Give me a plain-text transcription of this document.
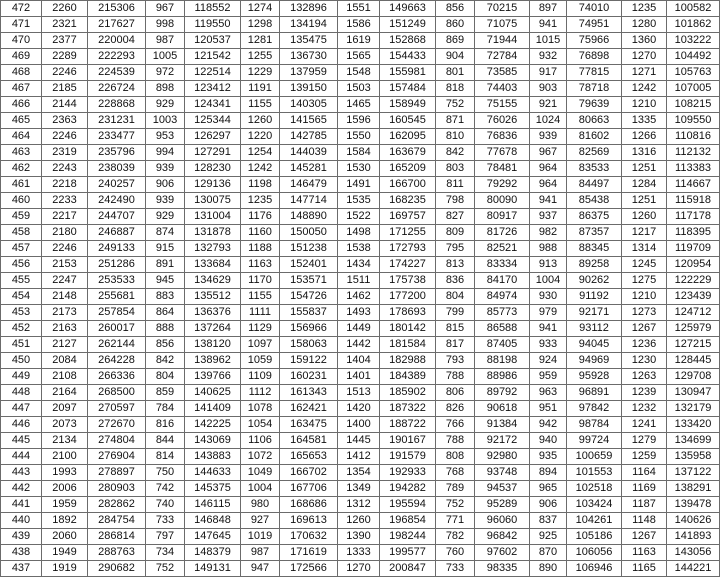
472	2260	215306	967	118552	1274	132896	1551	149663	856	70215	897	74010	1235	100582
471	2321	217627	998	119550	1298	134194	1586	151249	860	71075	941	74951	1280	101862
470	2377	220004	987	120537	1281	135475	1619	152868	869	71944	1015	75966	1360	103222
469	2289	222293	1005	121542	1255	136730	1565	154433	904	72784	932	76898	1270	104492
468	2246	224539	972	122514	1229	137959	1548	155981	801	73585	917	77815	1271	105763
467	2185	226724	898	123412	1191	139150	1503	157484	818	74403	903	78718	1242	107005
466	2144	228868	929	124341	1155	140305	1465	158949	752	75155	921	79639	1210	108215
465	2363	231231	1003	125344	1260	141565	1596	160545	871	76026	1024	80663	1335	109550
464	2246	233477	953	126297	1220	142785	1550	162095	810	76836	939	81602	1266	110816
463	2319	235796	994	127291	1254	144039	1584	163679	842	77678	967	82569	1316	112132
462	2243	238039	939	128230	1242	145281	1530	165209	803	78481	964	83533	1251	113383
461	2218	240257	906	129136	1198	146479	1491	166700	811	79292	964	84497	1284	114667
460	2233	242490	939	130075	1235	147714	1535	168235	798	80090	941	85438	1251	115918
459	2217	244707	929	131004	1176	148890	1522	169757	827	80917	937	86375	1260	117178
458	2180	246887	874	131878	1160	150050	1498	171255	809	81726	982	87357	1217	118395
457	2246	249133	915	132793	1188	151238	1538	172793	795	82521	988	88345	1314	119709
456	2153	251286	891	133684	1163	152401	1434	174227	813	83334	913	89258	1245	120954
455	2247	253533	945	134629	1170	153571	1511	175738	836	84170	1004	90262	1275	122229
454	2148	255681	883	135512	1155	154726	1462	177200	804	84974	930	91192	1210	123439
453	2173	257854	864	136376	1111	155837	1493	178693	799	85773	979	92171	1273	124712
452	2163	260017	888	137264	1129	156966	1449	180142	815	86588	941	93112	1267	125979
451	2127	262144	856	138120	1097	158063	1442	181584	817	87405	933	94045	1236	127215
450	2084	264228	842	138962	1059	159122	1404	182988	793	88198	924	94969	1230	128445
449	2108	266336	804	139766	1109	160231	1401	184389	788	88986	959	95928	1263	129708
448	2164	268500	859	140625	1112	161343	1513	185902	806	89792	963	96891	1239	130947
447	2097	270597	784	141409	1078	162421	1420	187322	826	90618	951	97842	1232	132179
446	2073	272670	816	142225	1054	163475	1400	188722	766	91384	942	98784	1241	133420
445	2134	274804	844	143069	1106	164581	1445	190167	788	92172	940	99724	1279	134699
444	2100	276904	814	143883	1072	165653	1412	191579	808	92980	935	100659	1259	135958
443	1993	278897	750	144633	1049	166702	1354	192933	768	93748	894	101553	1164	137122
442	2006	280903	742	145375	1004	167706	1349	194282	789	94537	965	102518	1169	138291
441	1959	282862	740	146115	980	168686	1312	195594	752	95289	906	103424	1187	139478
440	1892	284754	733	146848	927	169613	1260	196854	771	96060	837	104261	1148	140626
439	2060	286814	797	147645	1019	170632	1390	198244	782	96842	925	105186	1267	141893
438	1949	288763	734	148379	987	171619	1333	199577	760	97602	870	106056	1163	143056
437	1919	290682	752	149131	947	172566	1270	200847	733	98335	890	106946	1165	144221
